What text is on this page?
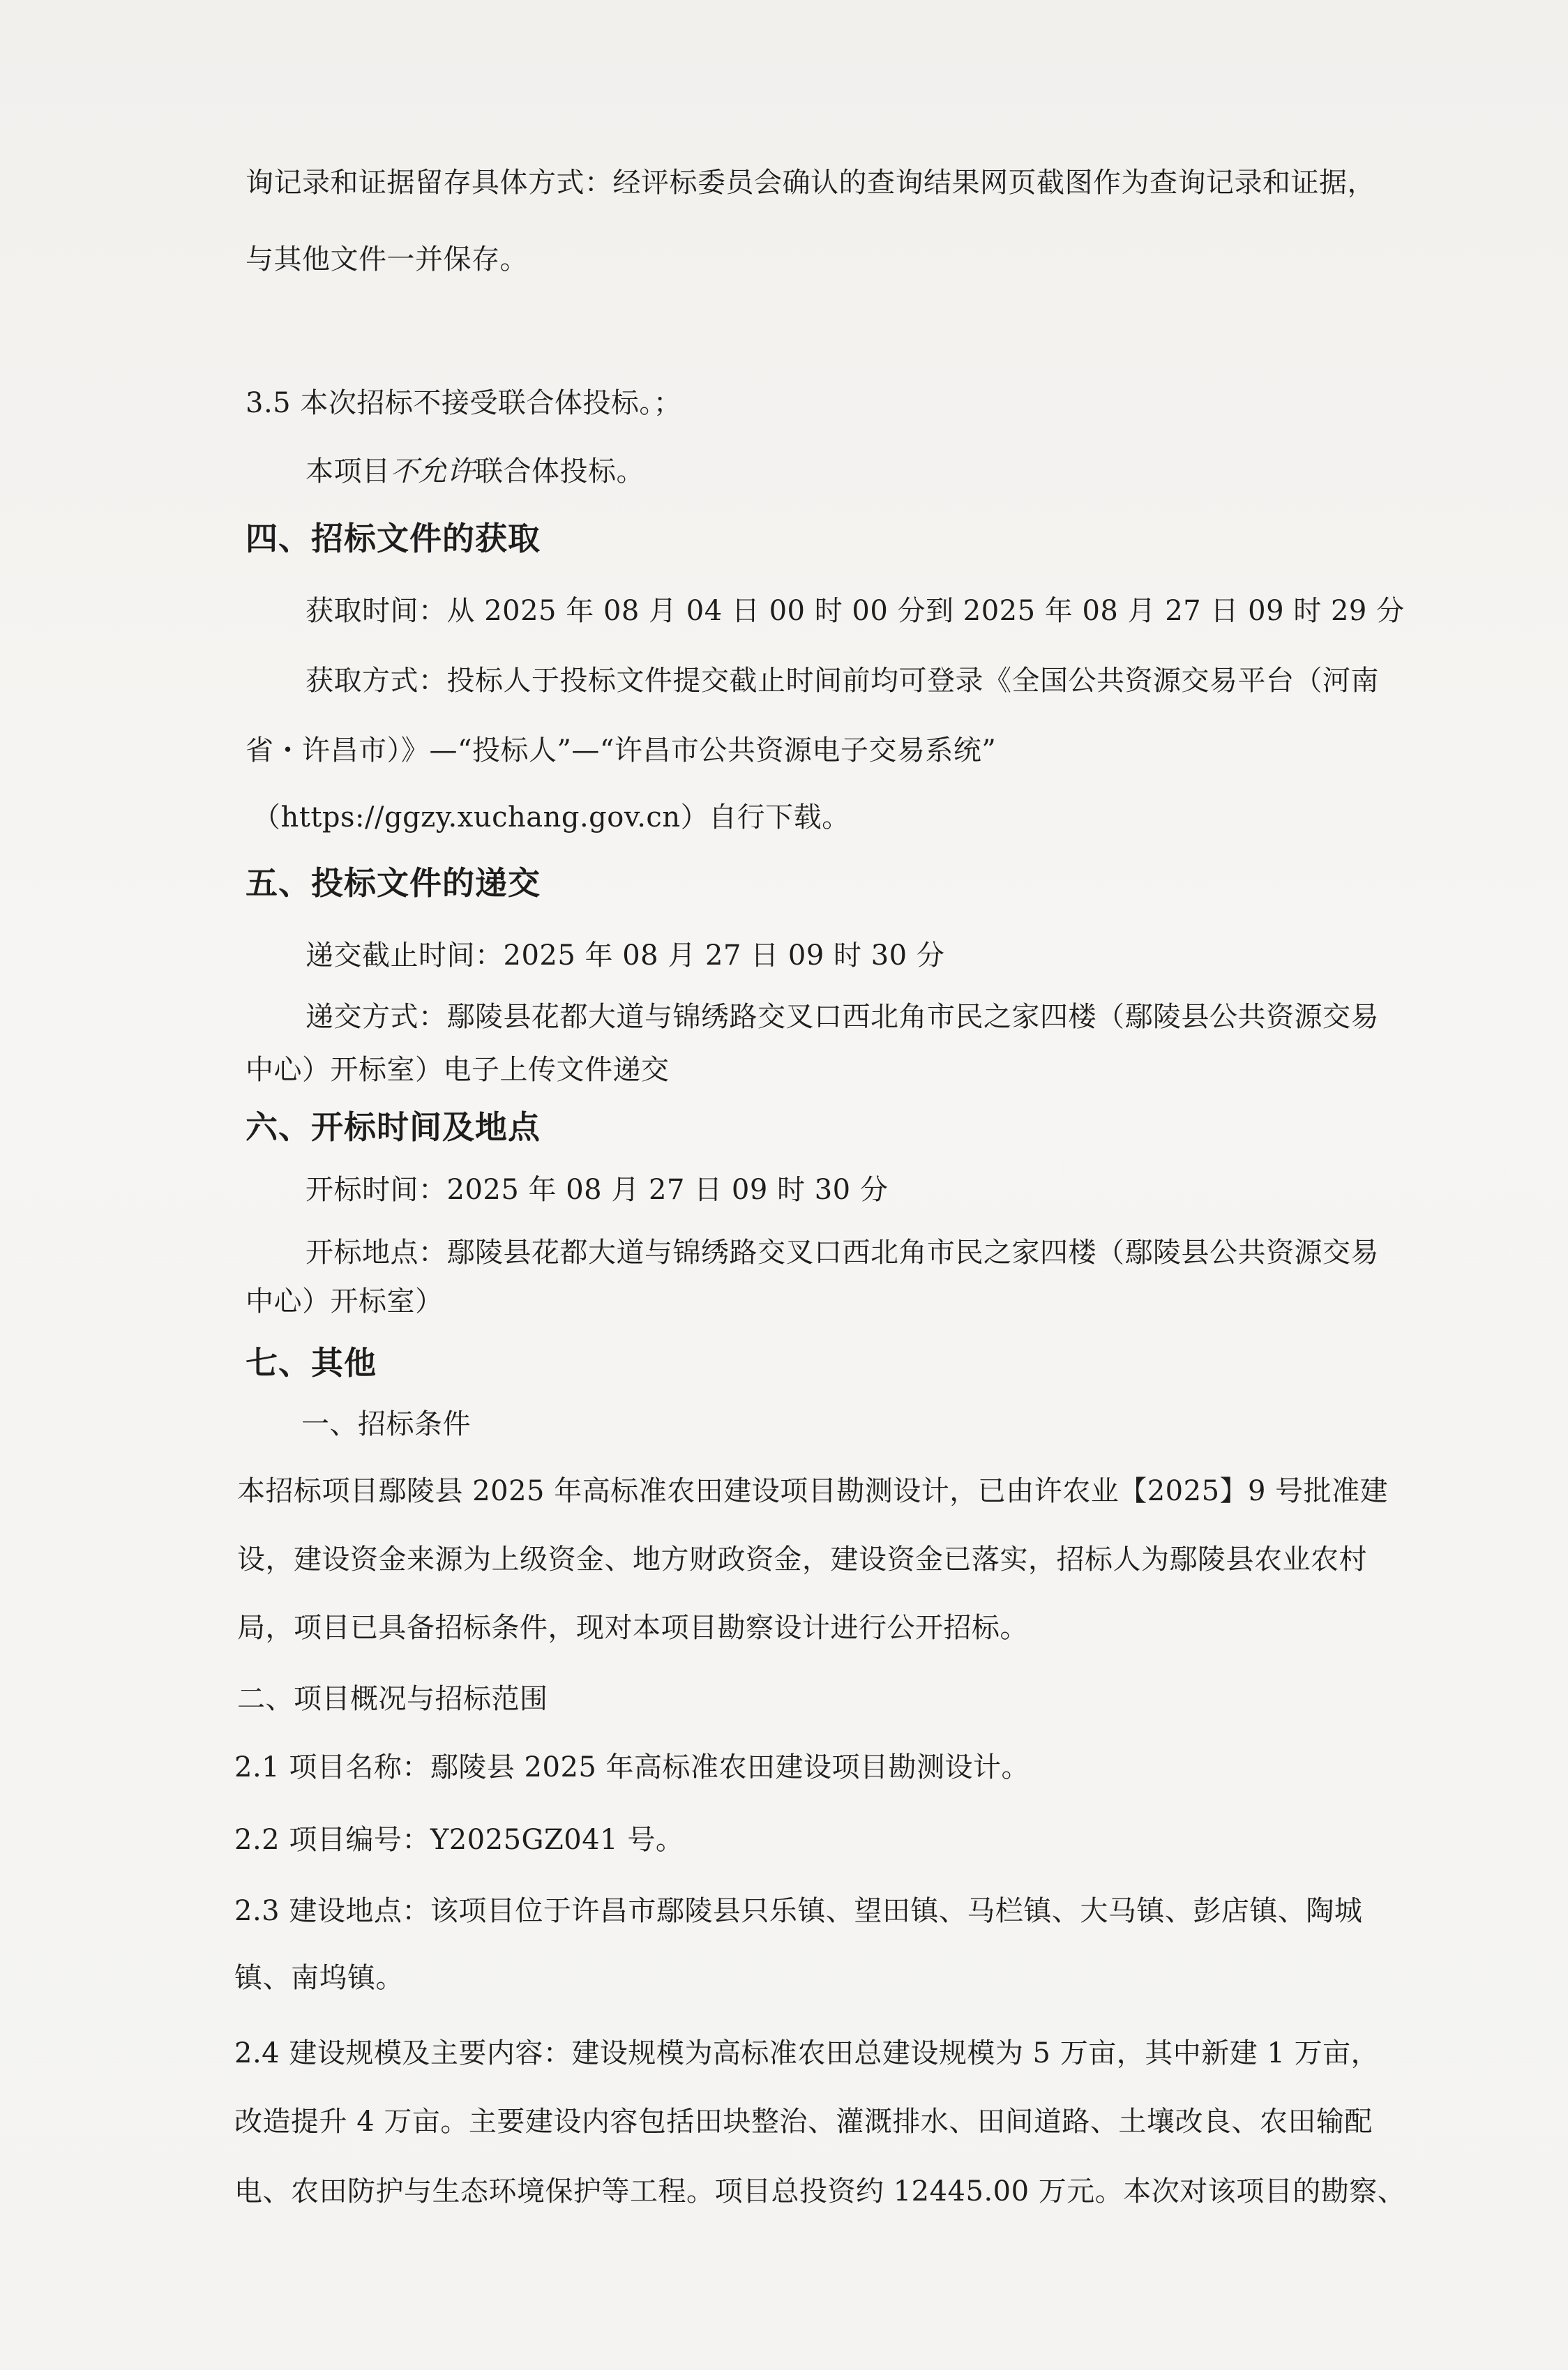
询记录和证据留存具体方式：经评标委员会确认的查询结果网页截图作为查询记录和证据，
与其他文件一并保存。
3.5 本次招标不接受联合体投标。；
本项目不允许联合体投标。
四、招标文件的获取
获取时间：从 2025 年 08 月 04 日 00 时 00 分到 2025 年 08 月 27 日 09 时 29 分
获取方式：投标人于投标文件提交截止时间前均可登录《全国公共资源交易平台（河南
省・许昌市）》—“投标人”—“许昌市公共资源电子交易系统”
（https://ggzy.xuchang.gov.cn）自行下载。
五、投标文件的递交
递交截止时间：2025 年 08 月 27 日 09 时 30 分
递交方式：鄢陵县花都大道与锦绣路交叉口西北角市民之家四楼（鄢陵县公共资源交易
中心）开标室）电子上传文件递交
六、开标时间及地点
开标时间：2025 年 08 月 27 日 09 时 30 分
开标地点：鄢陵县花都大道与锦绣路交叉口西北角市民之家四楼（鄢陵县公共资源交易
中心）开标室）
七、其他
一、招标条件
本招标项目鄢陵县 2025 年高标准农田建设项目勘测设计，已由许农业【2025】9 号批准建
设，建设资金来源为上级资金、地方财政资金，建设资金已落实，招标人为鄢陵县农业农村
局，项目已具备招标条件，现对本项目勘察设计进行公开招标。
二、项目概况与招标范围
2.1 项目名称：鄢陵县 2025 年高标准农田建设项目勘测设计。
2.2 项目编号：Y2025GZ041 号。
2.3 建设地点：该项目位于许昌市鄢陵县只乐镇、望田镇、马栏镇、大马镇、彭店镇、陶城
镇、南坞镇。
2.4 建设规模及主要内容：建设规模为高标准农田总建设规模为 5 万亩，其中新建 1 万亩，
改造提升 4 万亩。主要建设内容包括田块整治、灌溉排水、田间道路、土壤改良、农田输配
电、农田防护与生态环境保护等工程。项目总投资约 12445.00 万元。本次对该项目的勘察、
